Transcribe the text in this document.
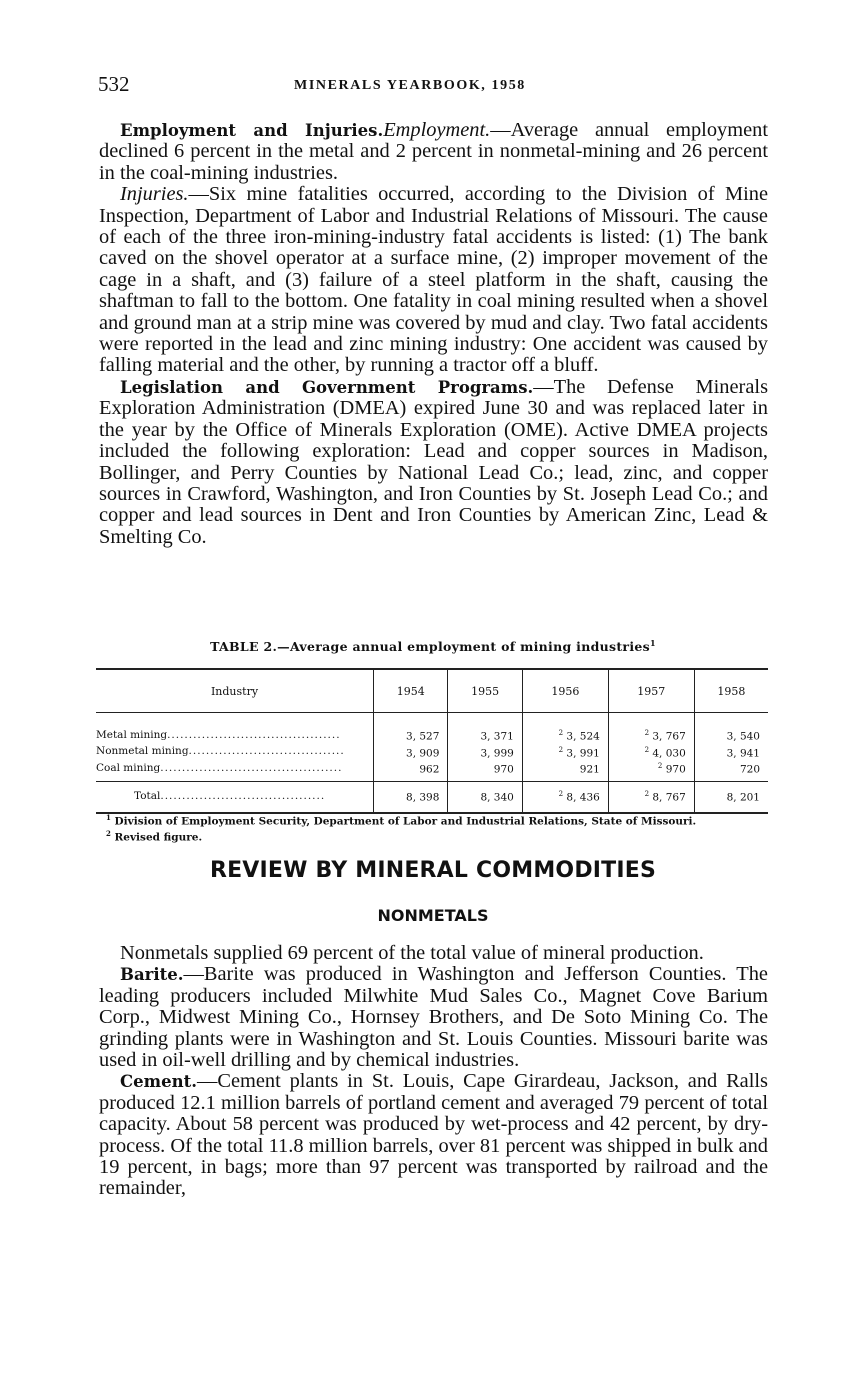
532	MINERALS YEARBOOK, 1958

Employment and Injuries.Employment.—Average annual employment declined 6 percent in the metal and 2 percent in nonmetal-mining and 26 percent in the coal-mining industries.

Injuries.—Six mine fatalities occurred, according to the Division of Mine Inspection, Department of Labor and Industrial Relations of Missouri. The cause of each of the three iron-mining-industry fatal accidents is listed: (1) The bank caved on the shovel operator at a surface mine, (2) improper movement of the cage in a shaft, and (3) failure of a steel platform in the shaft, causing the shaftman to fall to the bottom. One fatality in coal mining resulted when a shovel and ground man at a strip mine was covered by mud and clay. Two fatal accidents were reported in the lead and zinc mining industry: One accident was caused by falling material and the other, by running a tractor off a bluff.

Legislation and Government Programs.—The Defense Minerals Exploration Administration (DMEA) expired June 30 and was replaced later in the year by the Office of Minerals Exploration (OME). Active DMEA projects included the following exploration: Lead and copper sources in Madison, Bollinger, and Perry Counties by National Lead Co.; lead, zinc, and copper sources in Crawford, Washington, and Iron Counties by St. Joseph Lead Co.; and copper and lead sources in Dent and Iron Counties by American Zinc, Lead & Smelting Co.

TABLE 2.—Average annual employment of mining industries$^1$
Industry	1954	1955	1956	1957	1958
Metal mining........................................	3, 527	3, 371	$^2$ 3, 524	$^2$ 3, 767	3, 540
Nonmetal mining....................................	3, 909	3, 999	$^2$ 3, 991	$^2$ 4, 030	3, 941
Coal mining..........................................	962	970	921	$^2$ 970	720
Total......................................	8, 398	8, 340	$^2$ 8, 436	$^2$ 8, 767	8, 201
$^1$ Division of Employment Security, Department of Labor and Industrial Relations, State of Missouri.
$^2$ Revised figure.
REVIEW BY MINERAL COMMODITIES
NONMETALS

Nonmetals supplied 69 percent of the total value of mineral production.

Barite.—Barite was produced in Washington and Jefferson Counties. The leading producers included Milwhite Mud Sales Co., Magnet Cove Barium Corp., Midwest Mining Co., Hornsey Brothers, and De Soto Mining Co. The grinding plants were in Washington and St. Louis Counties. Missouri barite was used in oil-well drilling and by chemical industries.

Cement.—Cement plants in St. Louis, Cape Girardeau, Jackson, and Ralls produced 12.1 million barrels of portland cement and averaged 79 percent of total capacity. About 58 percent was produced by wet-process and 42 percent, by dry-process. Of the total 11.8 million barrels, over 81 percent was shipped in bulk and 19 percent, in bags; more than 97 percent was transported by railroad and the remainder,
